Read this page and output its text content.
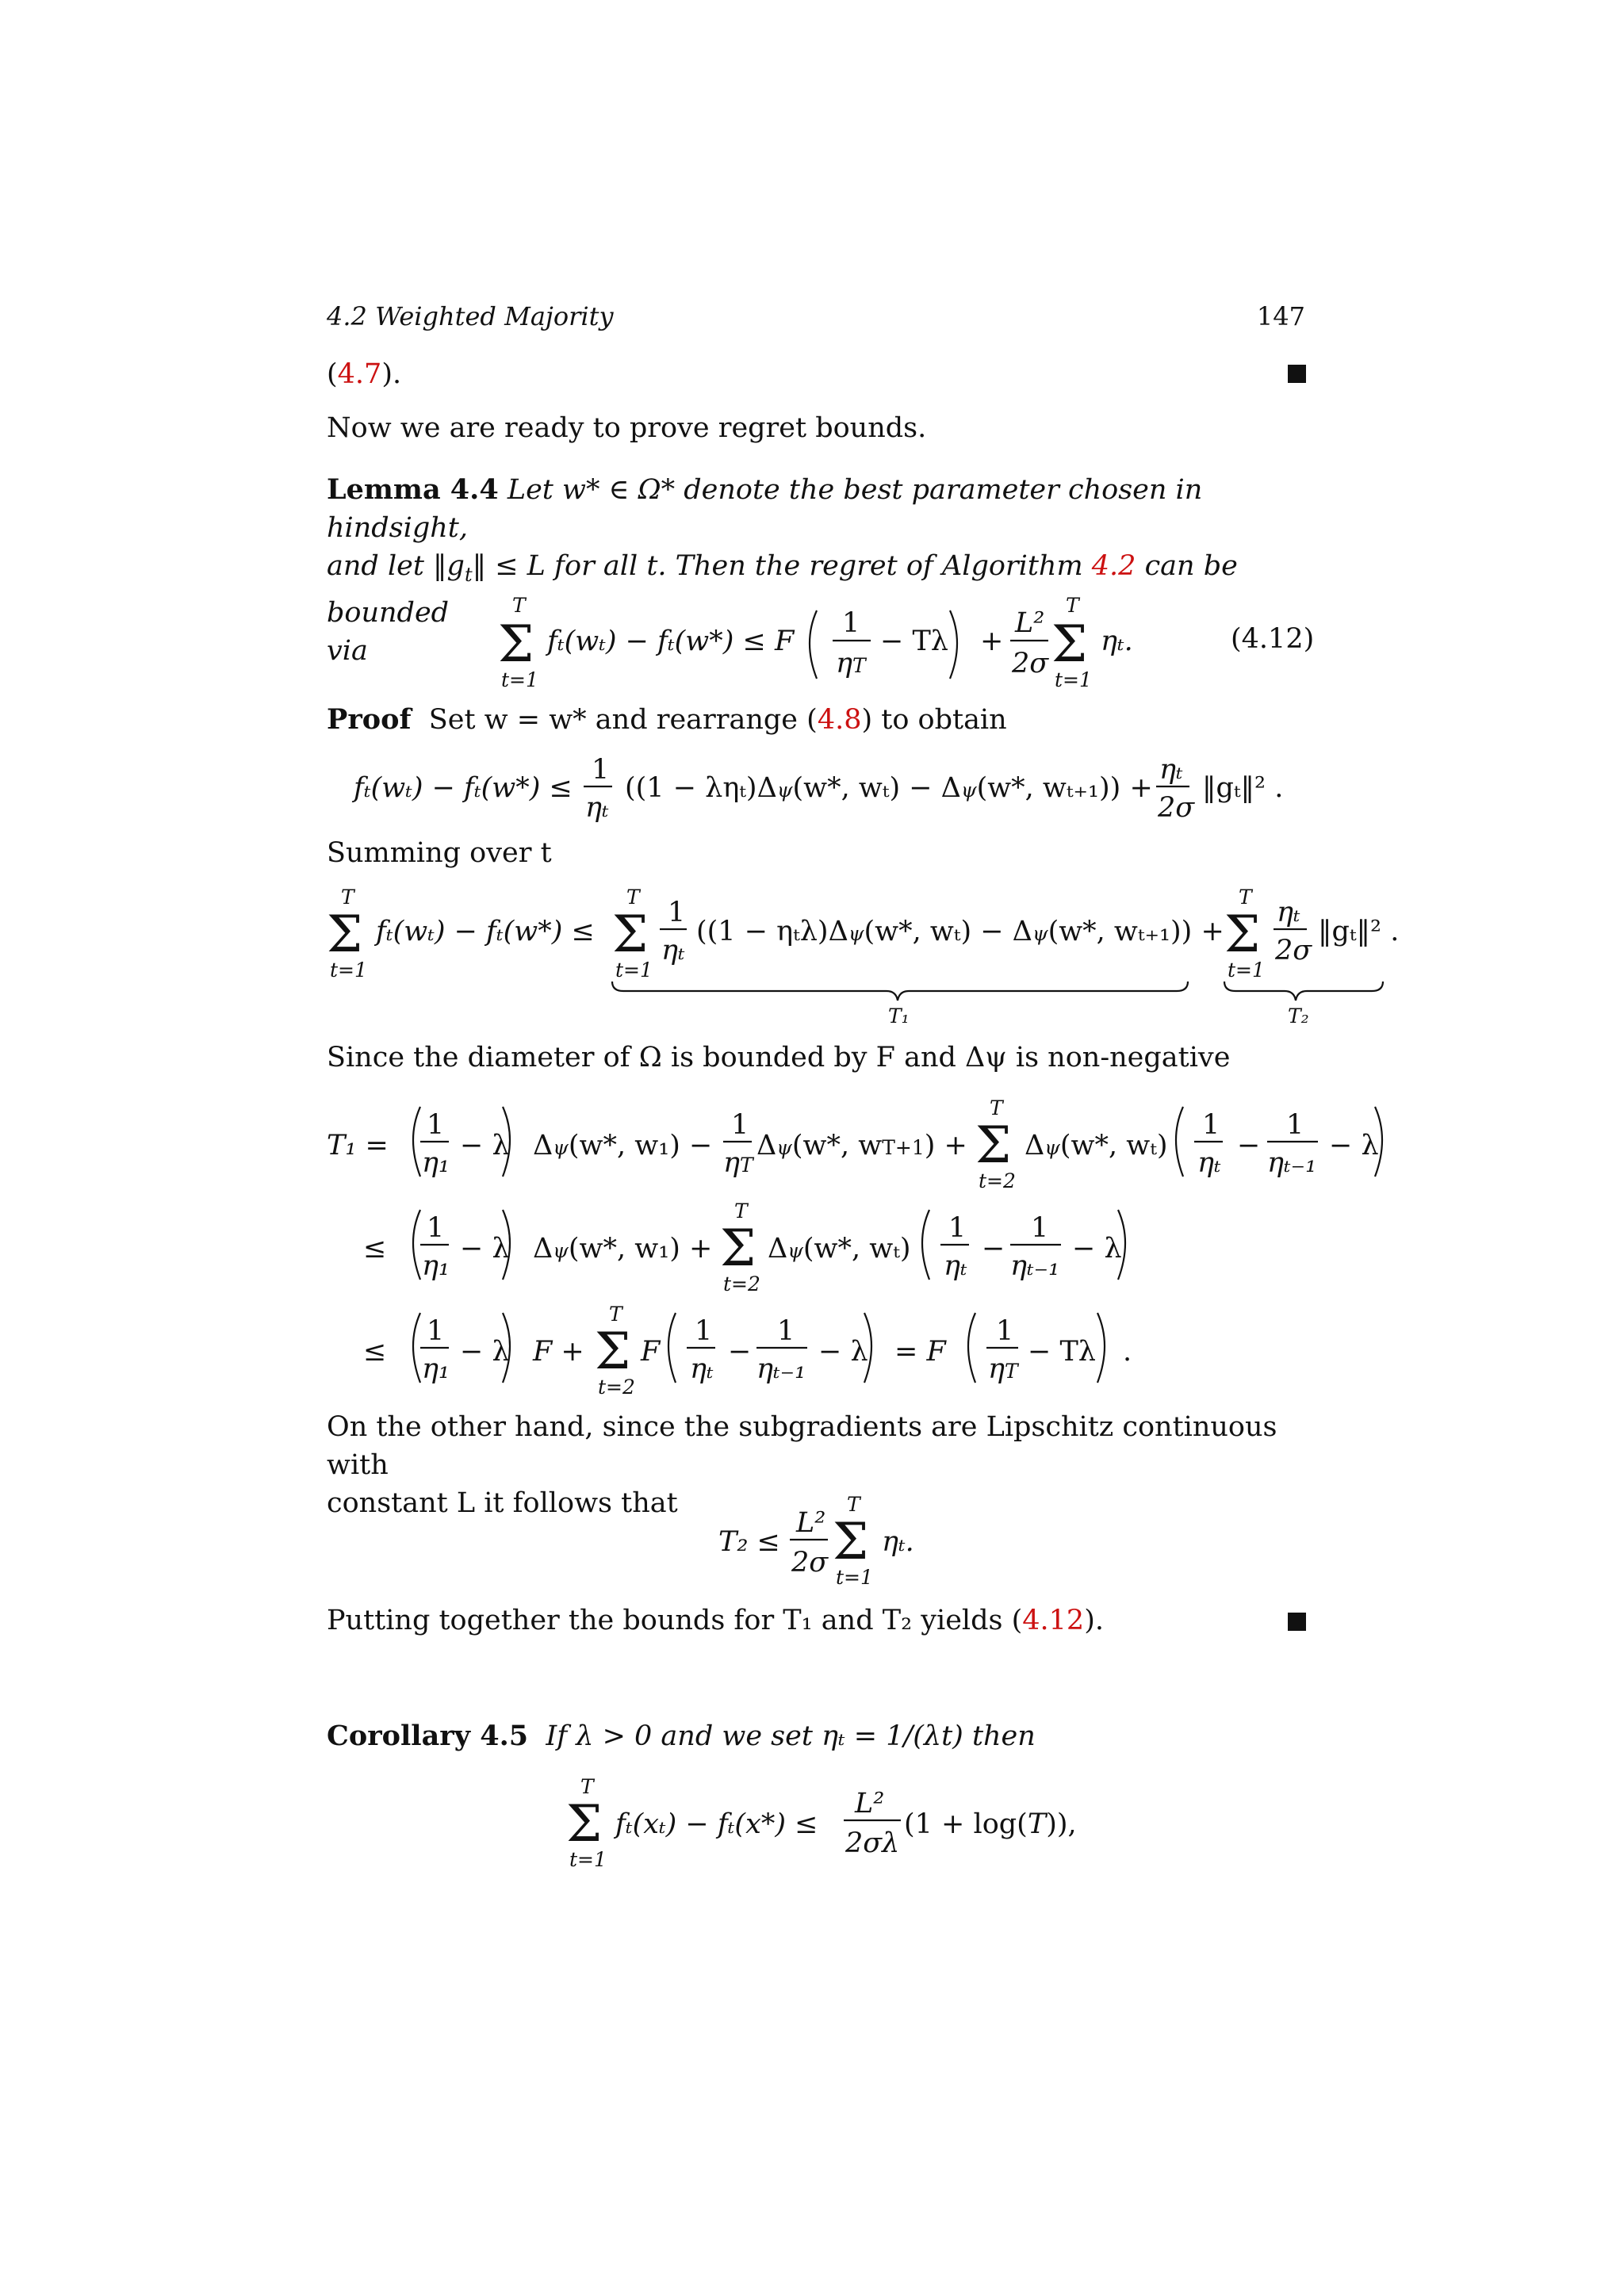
4.2 Weighted Majority	147
(4.7).
Now we are ready to prove regret bounds.
Lemma 4.4 Let w* ∈ Ω* denote the best parameter chosen in hindsight,
and let $‖g_t‖ \le L$ for all t. Then the regret of Algorithm 4.2 can be bounded
via
Proof Set w = w* and rearrange (4.8) to obtain
Summing over t
Since the diameter of Ω is bounded by F and Δψ is non-negative
On the other hand, since the subgradients are Lipschitz continuous with
constant L it follows that
Putting together the bounds for T₁ and T₂ yields (4.12).
Corollary 4.5 If λ > 0 and we set ηₜ = 1/(λt) then
(4.12)
T
Σ
t=1
fₜ(wₜ) − fₜ(w*) ≤ F
1
ηT
− Tλ +
L²
2σ
T
Σ
t=1
ηₜ.
fₜ(wₜ) − fₜ(w*) ≤
1
ηₜ
((1 − ληₜ)Δψ(w*, wₜ) − Δψ(w*, wₜ₊₁)) +
ηₜ
2σ
‖gₜ‖² .
T
Σ
t=1
fₜ(wₜ) − fₜ(w*) ≤
T
Σ
t=1
1
ηₜ
((1 − ηₜλ)Δψ(w*, wₜ) − Δψ(w*, wₜ₊₁)) +
T
Σ
t=1
ηₜ
2σ
‖gₜ‖² .
T₁	T₂
T₁ =
1
η₁
− λ Δψ(w*, w₁) −
1
ηT
Δψ(w*, wT+1) +
T
Σ
t=2
Δψ(w*, wₜ)
1
ηₜ
−
1
ηₜ₋₁
− λ
≤
1
η₁
− λ Δψ(w*, w₁) +
T
Σ
t=2
Δψ(w*, wₜ)
1
ηₜ
−
1
ηₜ₋₁
− λ
≤
1
η₁
− λ F +
T
Σ
t=2
F
1
ηₜ
−
1
ηₜ₋₁
− λ = F
1
ηT
− Tλ .
T₂ ≤
L²
2σ
T
Σ
t=1
ηₜ.
T
Σ
t=1
fₜ(xₜ) − fₜ(x*) ≤
L²
2σλ
(1 + log(T)),
